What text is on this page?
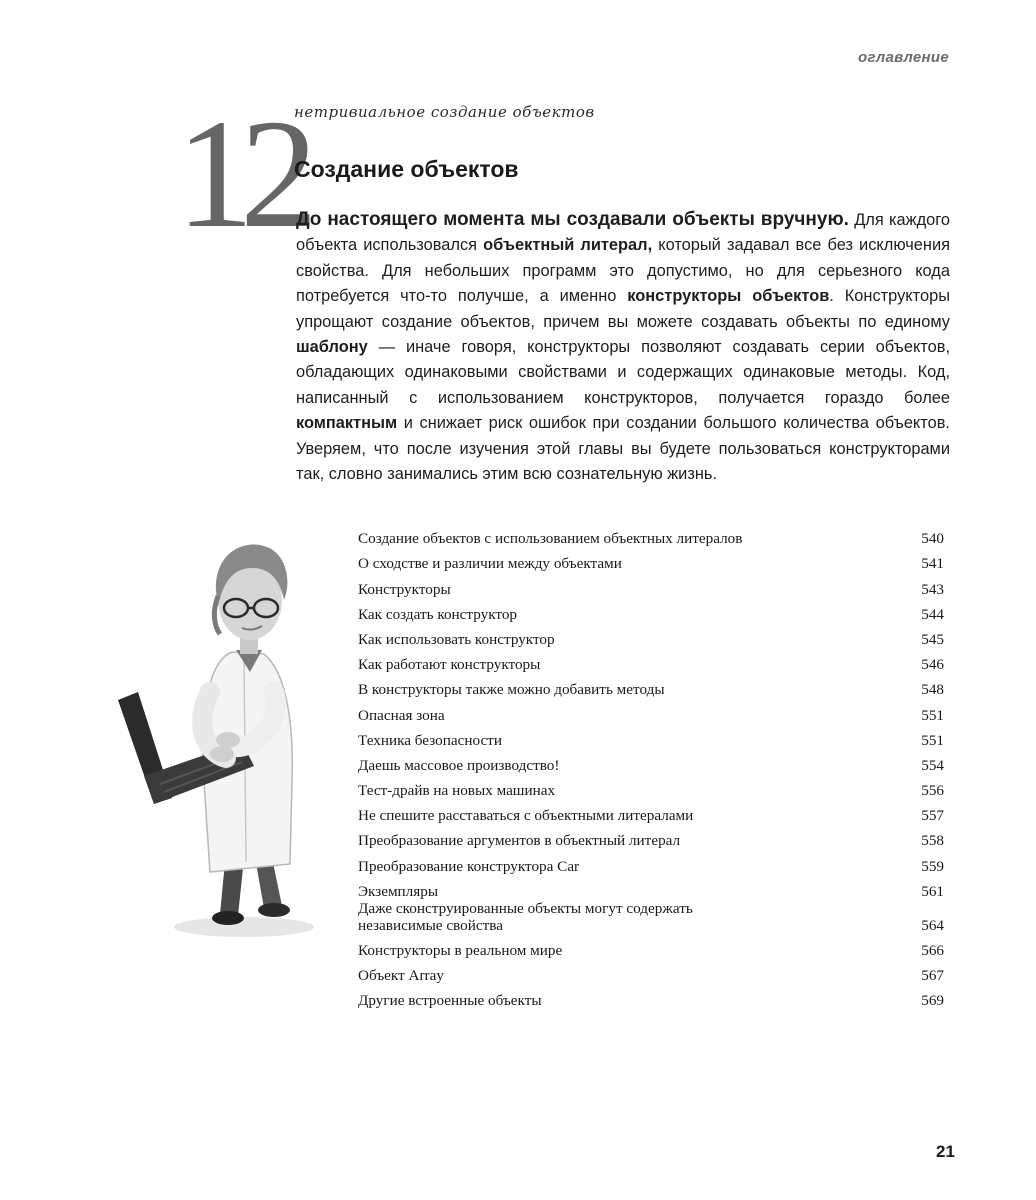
оглавление
12
нетривиальное создание объектов
Создание объектов
До настоящего момента мы создавали объекты вручную. Для каждого объекта использовался объектный литерал, который задавал все без исключения свойства. Для небольших программ это допустимо, но для серьезного кода потребуется что-то получше, а именно конструкторы объектов. Конструкторы упрощают создание объектов, причем вы можете создавать объекты по единому шаблону — иначе говоря, конструкторы позволяют создавать серии объектов, обладающих одинаковыми свойствами и содержащих одинаковые методы. Код, написанный с использованием конструкторов, получается гораздо более компактным и снижает риск ошибок при создании большого количества объектов. Уверяем, что после изучения этой главы вы будете пользоваться конструкторами так, словно занимались этим всю сознательную жизнь.
Создание объектов с использованием объектных литералов	540
О сходстве и различии между объектами	541
Конструкторы	543
Как создать конструктор	544
Как использовать конструктор	545
Как работают конструкторы	546
В конструкторы также можно добавить методы	548
Опасная зона	551
Техника безопасности	551
Даешь массовое производство!	554
Тест-драйв на новых машинах	556
Не спешите расставаться с объектными литералами	557
Преобразование аргументов в объектный литерал	558
Преобразование конструктора Car	559
Экземпляры	561
Даже сконструированные объекты могут содержать независимые свойства	564
Конструкторы в реальном мире	566
Объект Array	567
Другие встроенные объекты	569
21
